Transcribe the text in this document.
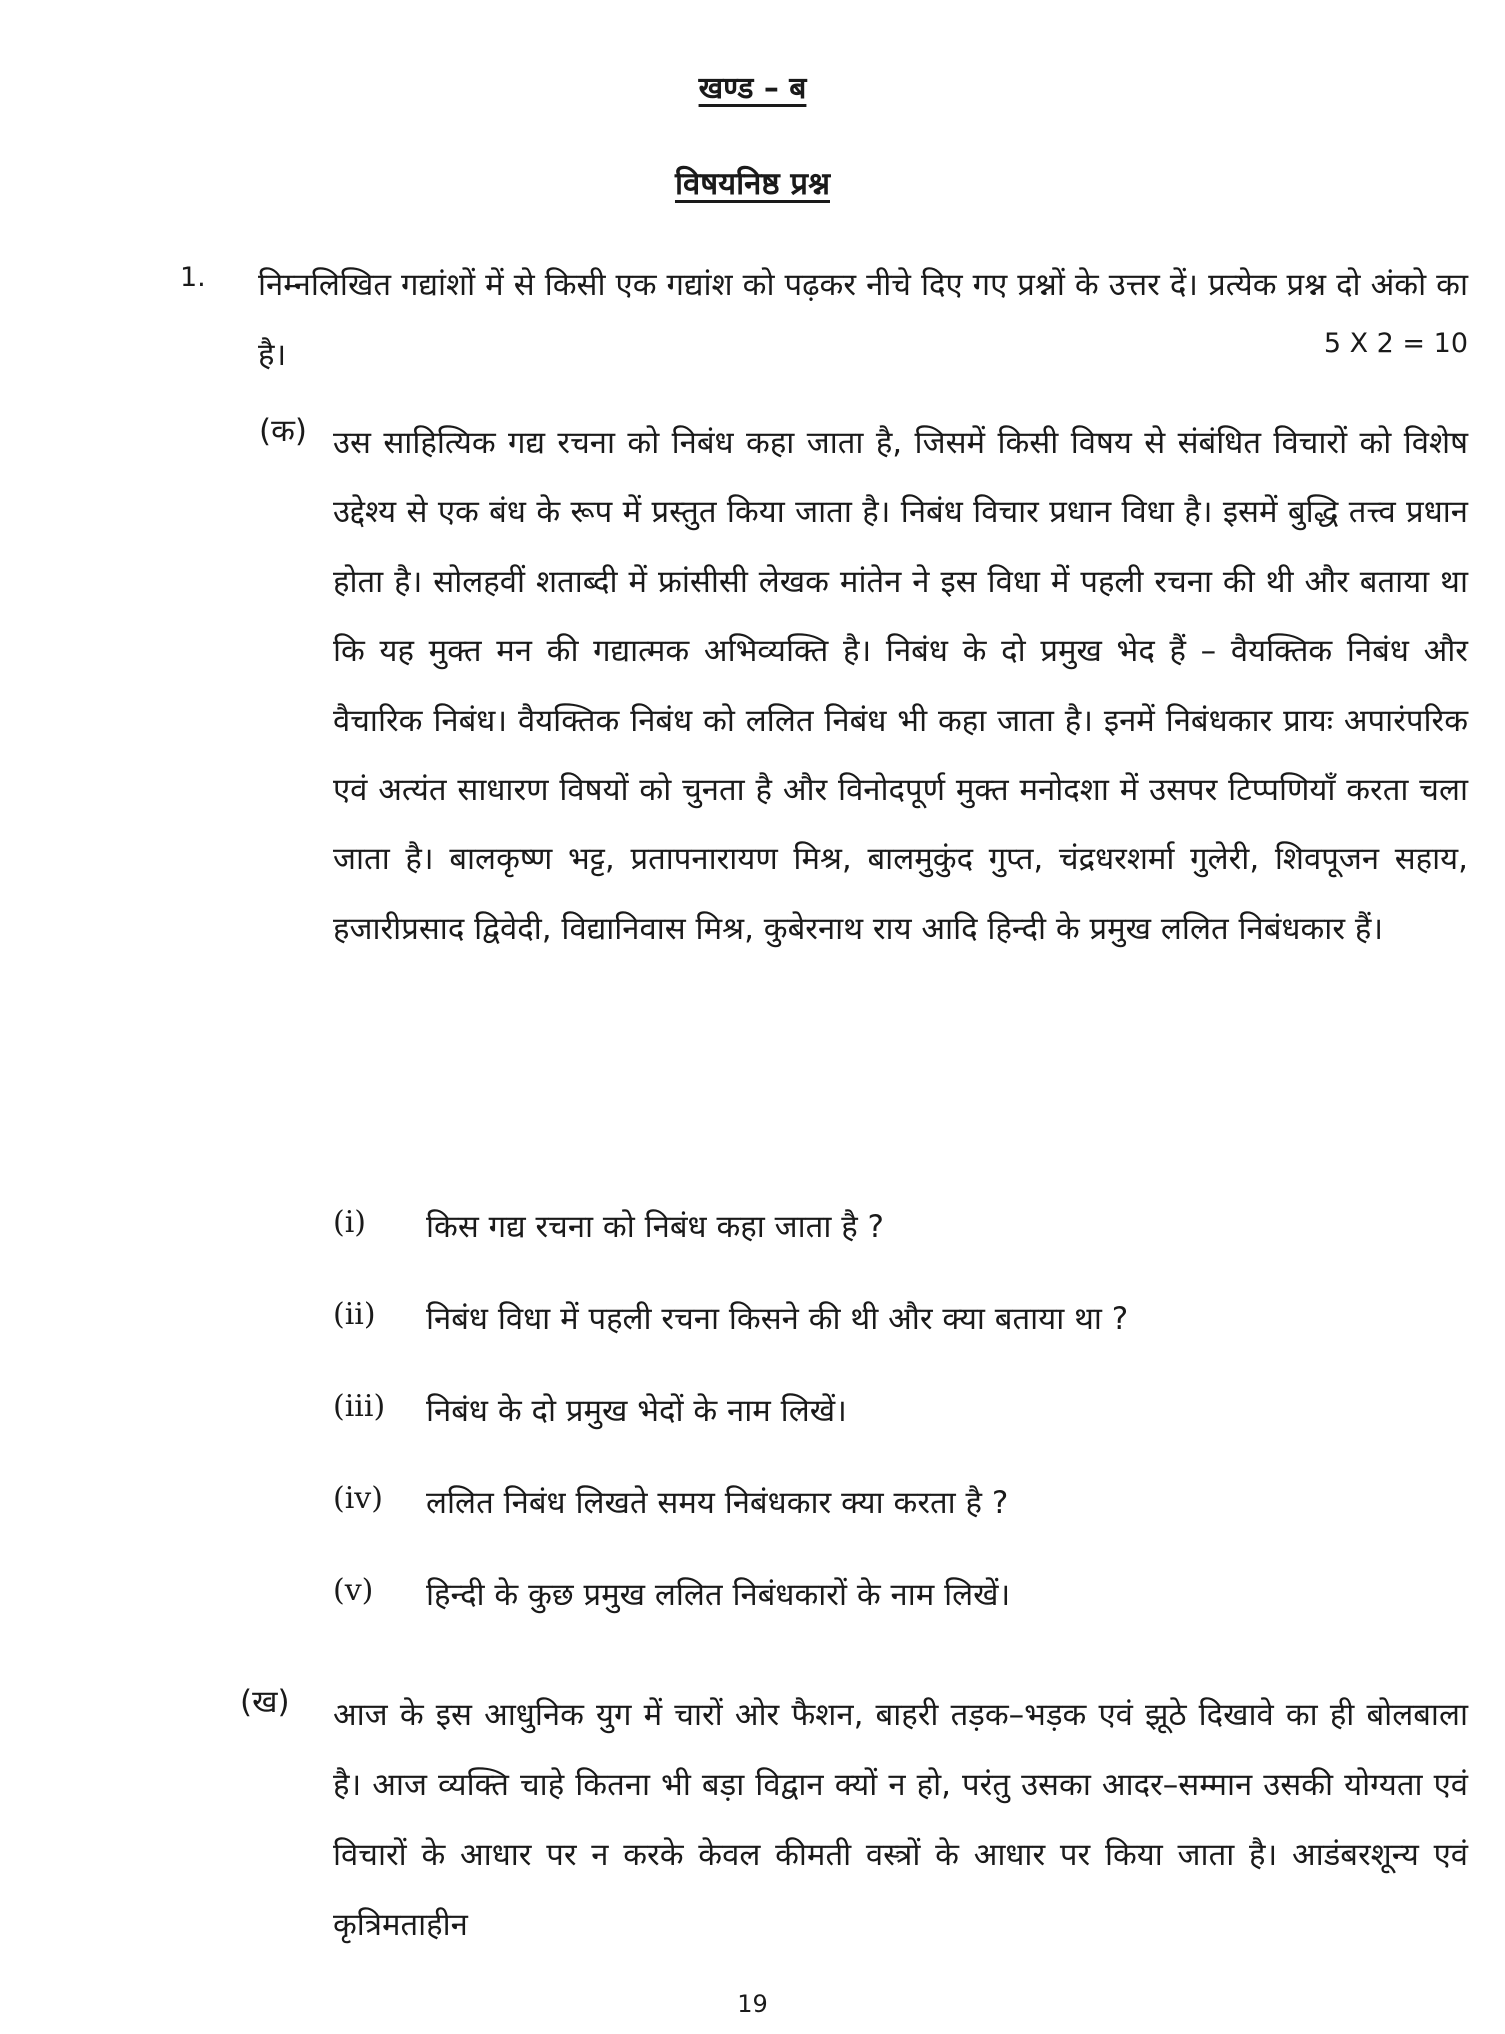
खण्ड – ब
विषयनिष्ठ प्रश्न
1. निम्नलिखित गद्यांशों में से किसी एक गद्यांश को पढ़कर नीचे दिए गए प्रश्नों के उत्तर दें। प्रत्येक प्रश्न दो अंको का है।	5 X 2 = 10
(क) उस साहित्यिक गद्य रचना को निबंध कहा जाता है, जिसमें किसी विषय से संबंधित विचारों को विशेष उद्देश्य से एक बंध के रूप में प्रस्तुत किया जाता है। निबंध विचार प्रधान विधा है। इसमें बुद्धि तत्त्व प्रधान होता है। सोलहवीं शताब्दी में फ्रांसीसी लेखक मांतेन ने इस विधा में पहली रचना की थी और बताया था कि यह मुक्त मन की गद्यात्मक अभिव्यक्ति है। निबंध के दो प्रमुख भेद हैं – वैयक्तिक निबंध और वैचारिक निबंध। वैयक्तिक निबंध को ललित निबंध भी कहा जाता है। इनमें निबंधकार प्रायः अपारंपरिक एवं अत्यंत साधारण विषयों को चुनता है और विनोदपूर्ण मुक्त मनोदशा में उसपर टिप्पणियाँ करता चला जाता है। बालकृष्ण भट्ट, प्रतापनारायण मिश्र, बालमुकुंद गुप्त, चंद्रधरशर्मा गुलेरी, शिवपूजन सहाय, हजारीप्रसाद द्विवेदी, विद्यानिवास मिश्र, कुबेरनाथ राय आदि हिन्दी के प्रमुख ललित निबंधकार हैं।
(i) किस गद्य रचना को निबंध कहा जाता है ?
(ii) निबंध विधा में पहली रचना किसने की थी और क्या बताया था ?
(iii) निबंध के दो प्रमुख भेदों के नाम लिखें।
(iv) ललित निबंध लिखते समय निबंधकार क्या करता है ?
(v) हिन्दी के कुछ प्रमुख ललित निबंधकारों के नाम लिखें।
(ख) आज के इस आधुनिक युग में चारों ओर फैशन, बाहरी तड़क–भड़क एवं झूठे दिखावे का ही बोलबाला है। आज व्यक्ति चाहे कितना भी बड़ा विद्वान क्यों न हो, परंतु उसका आदर–सम्मान उसकी योग्यता एवं विचारों के आधार पर न करके केवल कीमती वस्त्रों के आधार पर किया जाता है। आडंबरशून्य एवं कृत्रिमताहीन
19
